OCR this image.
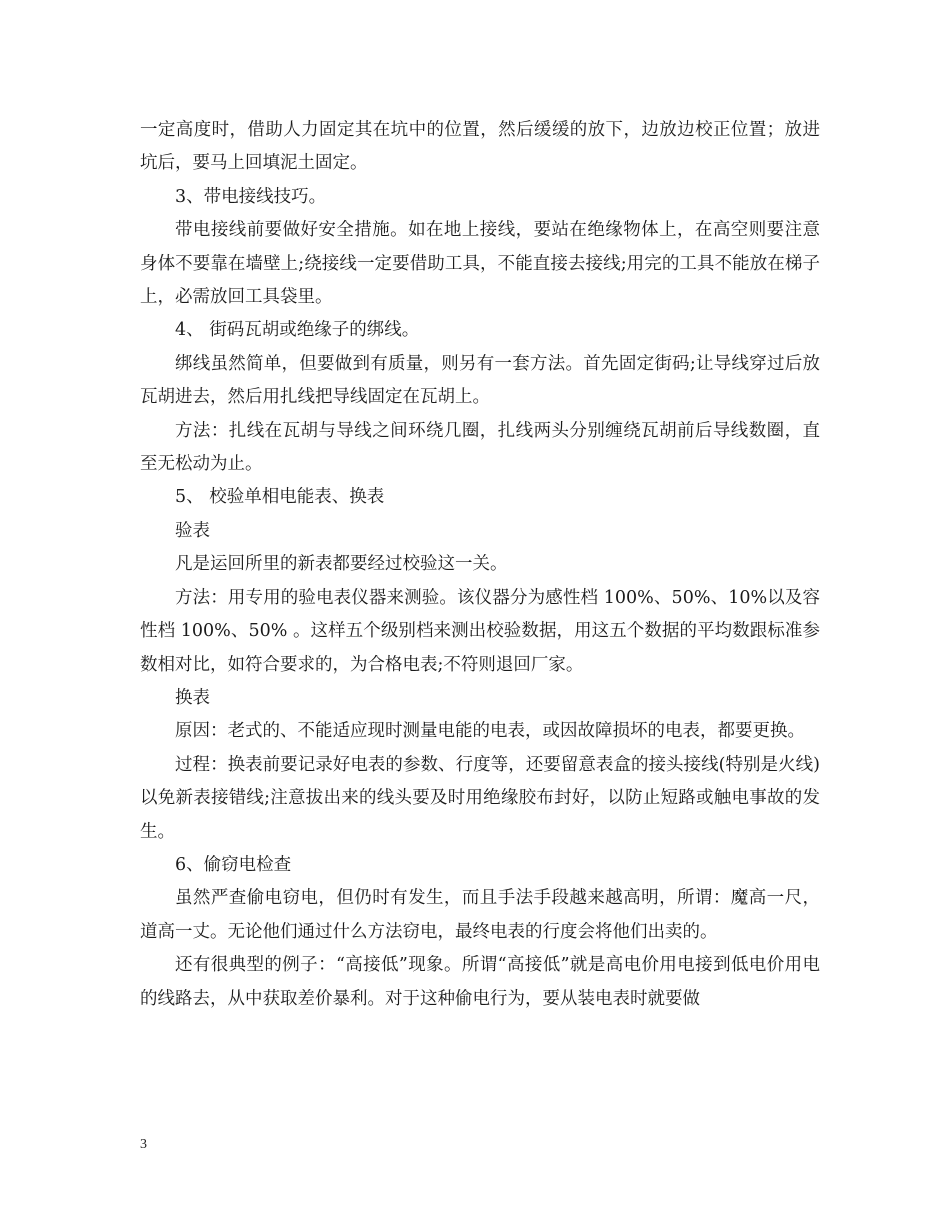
一定高度时，借助人力固定其在坑中的位置，然后缓缓的放下，边放边校正位置；放进坑后，要马上回填泥土固定。

3、带电接线技巧。

带电接线前要做好安全措施。如在地上接线，要站在绝缘物体上，在高空则要注意身体不要靠在墙壁上;绕接线一定要借助工具，不能直接去接线;用完的工具不能放在梯子上，必需放回工具袋里。

4、 街码瓦胡或绝缘子的绑线。

绑线虽然简单，但要做到有质量，则另有一套方法。首先固定街码;让导线穿过后放瓦胡进去，然后用扎线把导线固定在瓦胡上。

方法：扎线在瓦胡与导线之间环绕几圈，扎线两头分别缠绕瓦胡前后导线数圈，直至无松动为止。

5、 校验单相电能表、换表

验表

凡是运回所里的新表都要经过校验这一关。

方法：用专用的验电表仪器来测验。该仪器分为感性档 100%、50%、10%以及容性档 100%、50% 。这样五个级别档来测出校验数据，用这五个数据的平均数跟标准参数相对比，如符合要求的，为合格电表;不符则退回厂家。

换表

原因：老式的、不能适应现时测量电能的电表，或因故障损坏的电表，都要更换。

过程：换表前要记录好电表的参数、行度等，还要留意表盒的接头接线(特别是火线)以免新表接错线;注意拔出来的线头要及时用绝缘胶布封好，以防止短路或触电事故的发生。

6、偷窃电检查

虽然严查偷电窃电，但仍时有发生，而且手法手段越来越高明，所谓：魔高一尺，道高一丈。无论他们通过什么方法窃电，最终电表的行度会将他们出卖的。

还有很典型的例子：“高接低”现象。所谓“高接低”就是高电价用电接到低电价用电的线路去，从中获取差价暴利。对于这种偷电行为，要从装电表时就要做

3
